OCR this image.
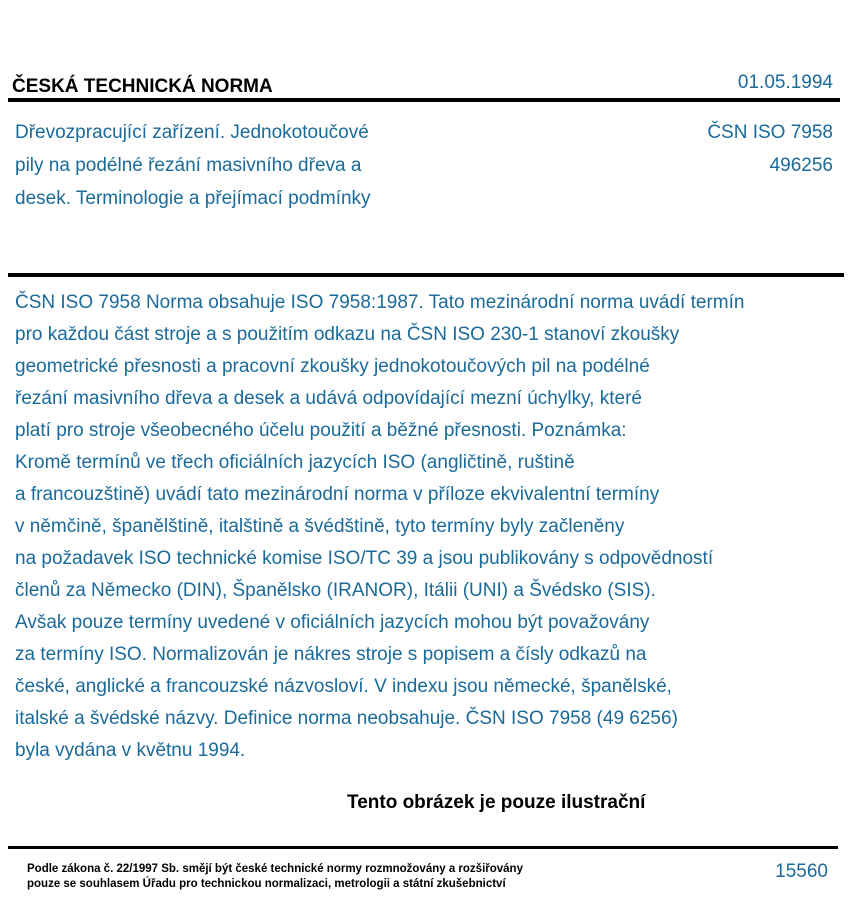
ČESKÁ TECHNICKÁ NORMA	01.05.1994
Dřevozpracující zařízení. Jednokotoučové
pily na podélné řezání masivního dřeva a
desek. Terminologie a přejímací podmínky
ČSN ISO 7958
496256
ČSN ISO 7958 Norma obsahuje ISO 7958:1987. Tato mezinárodní norma uvádí termín
pro každou část stroje a s použitím odkazu na ČSN ISO 230-1 stanoví zkoušky
geometrické přesnosti a pracovní zkoušky jednokotoučových pil na podélné
řezání masivního dřeva a desek a udává odpovídající mezní úchylky, které
platí pro stroje všeobecného účelu použití a běžné přesnosti. Poznámka:
Kromě termínů ve třech oficiálních jazycích ISO (angličtině, ruštině
a francouzštině) uvádí tato mezinárodní norma v příloze ekvivalentní termíny
v němčině, španělštině, italštině a švédštině, tyto termíny byly začleněny
na požadavek ISO technické komise ISO/TC 39 a jsou publikovány s odpovědností
členů za Německo (DIN), Španělsko (IRANOR), Itálii (UNI) a Švédsko (SIS).
Avšak pouze termíny uvedené v oficiálních jazycích mohou být považovány
za termíny ISO. Normalizován je nákres stroje s popisem a čísly odkazů na
české, anglické a francouzské názvosloví. V indexu jsou německé, španělské,
italské a švédské názvy. Definice norma neobsahuje. ČSN ISO 7958 (49 6256)
byla vydána v květnu 1994.
Tento obrázek je pouze ilustrační
Podle zákona č. 22/1997 Sb. smějí být české technické normy rozmnožovány a rozšiřovány
pouze se souhlasem Úřadu pro technickou normalizaci, metrologii a státní zkušebnictví
15560
